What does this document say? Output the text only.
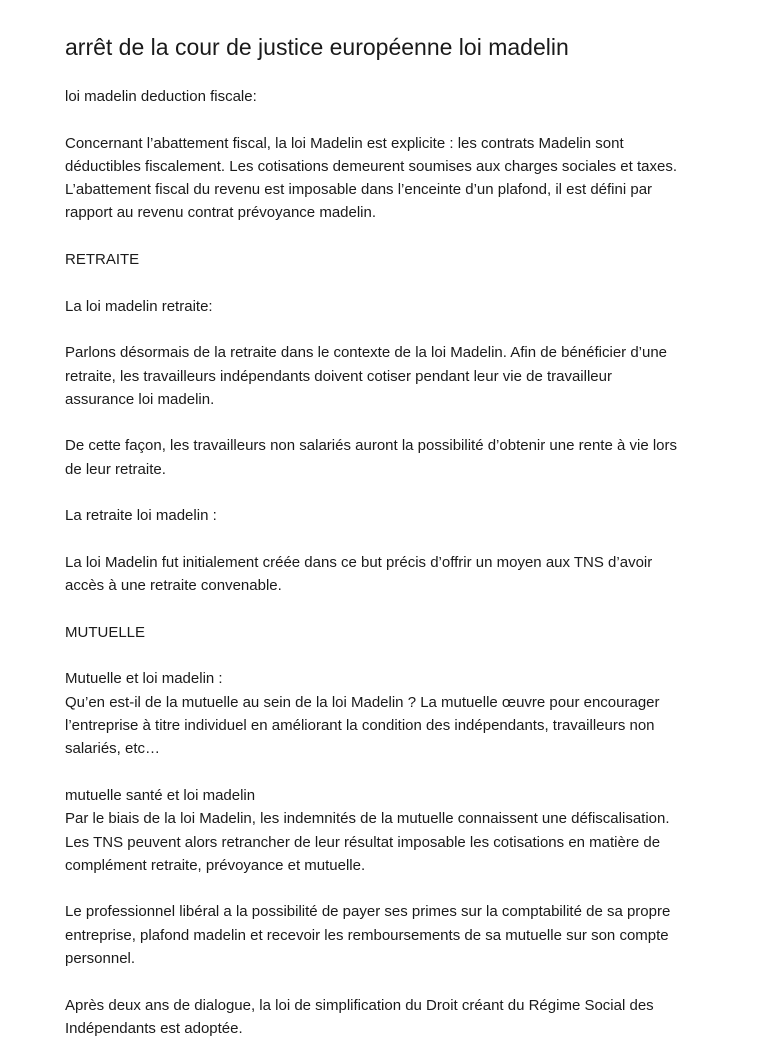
arrêt de la cour de justice européenne loi madelin

loi madelin deduction fiscale:

Concernant l’abattement fiscal, la loi Madelin est explicite : les contrats Madelin sont
déductibles fiscalement. Les cotisations demeurent soumises aux charges sociales et taxes.
L’abattement fiscal du revenu est imposable dans l’enceinte d’un plafond, il est défini par
rapport au revenu contrat prévoyance madelin.

RETRAITE

La loi madelin retraite:

Parlons désormais de la retraite dans le contexte de la loi Madelin. Afin de bénéficier d’une
retraite, les travailleurs indépendants doivent cotiser pendant leur vie de travailleur
assurance loi madelin.

De cette façon, les travailleurs non salariés auront la possibilité d’obtenir une rente à vie lors
de leur retraite.

La retraite loi madelin :

La loi Madelin fut initialement créée dans ce but précis d’offrir un moyen aux TNS d’avoir
accès à une retraite convenable.

MUTUELLE

Mutuelle et loi madelin :
Qu’en est-il de la mutuelle au sein de la loi Madelin ? La mutuelle œuvre pour encourager
l’entreprise à titre individuel en améliorant la condition des indépendants, travailleurs non
salariés, etc…

mutuelle santé et loi madelin
Par le biais de la loi Madelin, les indemnités de la mutuelle connaissent une défiscalisation.
Les TNS peuvent alors retrancher de leur résultat imposable les cotisations en matière de
complément retraite, prévoyance et mutuelle.

Le professionnel libéral a la possibilité de payer ses primes sur la comptabilité de sa propre
entreprise, plafond madelin et recevoir les remboursements de sa mutuelle sur son compte
personnel.

Après deux ans de dialogue, la loi de simplification du Droit créant du Régime Social des
Indépendants est adoptée.
